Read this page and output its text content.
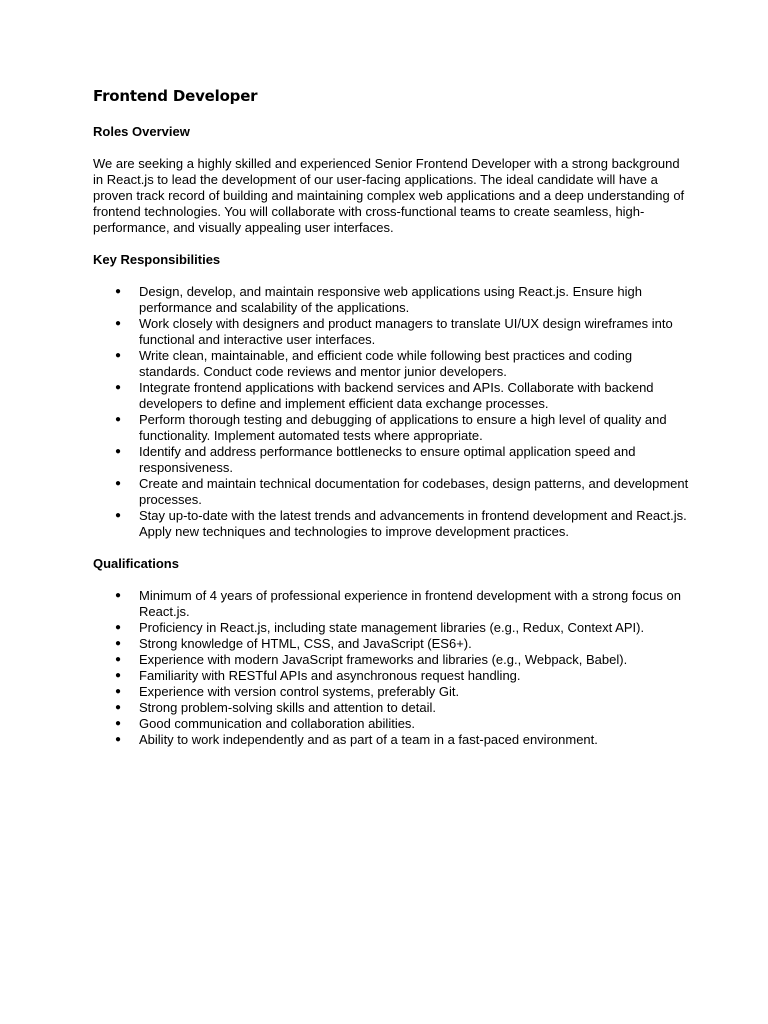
Frontend Developer
Roles Overview

We are seeking a highly skilled and experienced Senior Frontend Developer with a strong background in React.js to lead the development of our user-facing applications. The ideal candidate will have a proven track record of building and maintaining complex web applications and a deep understanding of frontend technologies. You will collaborate with cross-functional teams to create seamless, high-performance, and visually appealing user interfaces.

Key Responsibilities
● Design, develop, and maintain responsive web applications using React.js. Ensure high performance and scalability of the applications.
● Work closely with designers and product managers to translate UI/UX design wireframes into functional and interactive user interfaces.
● Write clean, maintainable, and efficient code while following best practices and coding standards. Conduct code reviews and mentor junior developers.
● Integrate frontend applications with backend services and APIs. Collaborate with backend developers to define and implement efficient data exchange processes.
● Perform thorough testing and debugging of applications to ensure a high level of quality and functionality. Implement automated tests where appropriate.
● Identify and address performance bottlenecks to ensure optimal application speed and responsiveness.
● Create and maintain technical documentation for codebases, design patterns, and development processes.
● Stay up-to-date with the latest trends and advancements in frontend development and React.js. Apply new techniques and technologies to improve development practices.
Qualifications
● Minimum of 4 years of professional experience in frontend development with a strong focus on React.js.
● Proficiency in React.js, including state management libraries (e.g., Redux, Context API).
● Strong knowledge of HTML, CSS, and JavaScript (ES6+).
● Experience with modern JavaScript frameworks and libraries (e.g., Webpack, Babel).
● Familiarity with RESTful APIs and asynchronous request handling.
● Experience with version control systems, preferably Git.
● Strong problem-solving skills and attention to detail.
● Good communication and collaboration abilities.
● Ability to work independently and as part of a team in a fast-paced environment.
